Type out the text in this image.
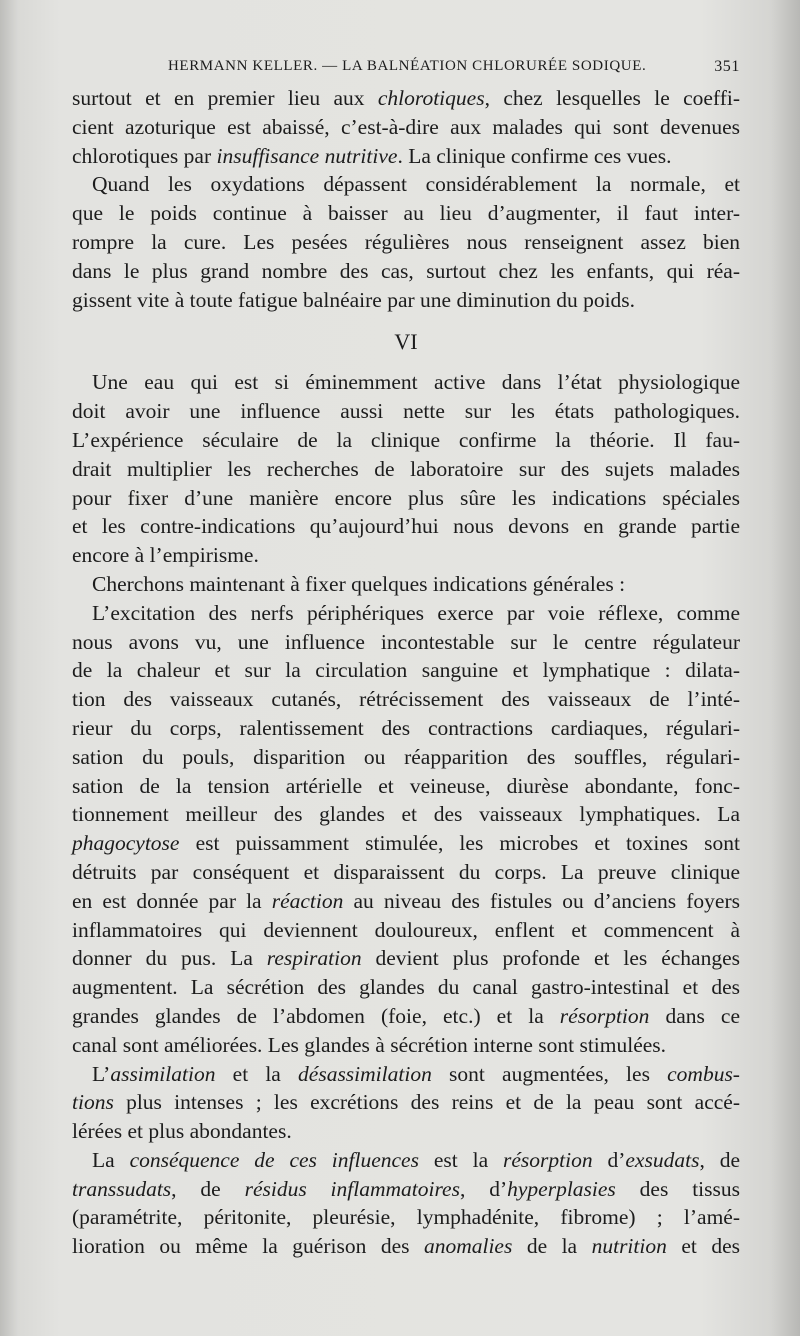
HERMANN KELLER. — LA BALNÉATION CHLORURÉE SODIQUE.	351
surtout et en premier lieu aux chlorotiques, chez lesquelles le coeffi-
cient azoturique est abaissé, c’est-à-dire aux malades qui sont devenues
chlorotiques par insuffisance nutritive. La clinique confirme ces vues.
Quand les oxydations dépassent considérablement la normale, et
que le poids continue à baisser au lieu d’augmenter, il faut inter-
rompre la cure. Les pesées régulières nous renseignent assez bien
dans le plus grand nombre des cas, surtout chez les enfants, qui réa-
gissent vite à toute fatigue balnéaire par une diminution du poids.
VI
Une eau qui est si éminemment active dans l’état physiologique
doit avoir une influence aussi nette sur les états pathologiques.
L’expérience séculaire de la clinique confirme la théorie. Il fau-
drait multiplier les recherches de laboratoire sur des sujets malades
pour fixer d’une manière encore plus sûre les indications spéciales
et les contre-indications qu’aujourd’hui nous devons en grande partie
encore à l’empirisme.
Cherchons maintenant à fixer quelques indications générales :
L’excitation des nerfs périphériques exerce par voie réflexe, comme
nous avons vu, une influence incontestable sur le centre régulateur
de la chaleur et sur la circulation sanguine et lymphatique : dilata-
tion des vaisseaux cutanés, rétrécissement des vaisseaux de l’inté-
rieur du corps, ralentissement des contractions cardiaques, régulari-
sation du pouls, disparition ou réapparition des souffles, régulari-
sation de la tension artérielle et veineuse, diurèse abondante, fonc-
tionnement meilleur des glandes et des vaisseaux lymphatiques. La
phagocytose est puissamment stimulée, les microbes et toxines sont
détruits par conséquent et disparaissent du corps. La preuve clinique
en est donnée par la réaction au niveau des fistules ou d’anciens foyers
inflammatoires qui deviennent douloureux, enflent et commencent à
donner du pus. La respiration devient plus profonde et les échanges
augmentent. La sécrétion des glandes du canal gastro-intestinal et des
grandes glandes de l’abdomen (foie, etc.) et la résorption dans ce
canal sont améliorées. Les glandes à sécrétion interne sont stimulées.
L’assimilation et la désassimilation sont augmentées, les combus-
tions plus intenses ; les excrétions des reins et de la peau sont accé-
lérées et plus abondantes.
La conséquence de ces influences est la résorption d’exsudats, de
transsudats, de résidus inflammatoires, d’hyperplasies des tissus
(paramétrite, péritonite, pleurésie, lymphadénite, fibrome) ; l’amé-
lioration ou même la guérison des anomalies de la nutrition et des
